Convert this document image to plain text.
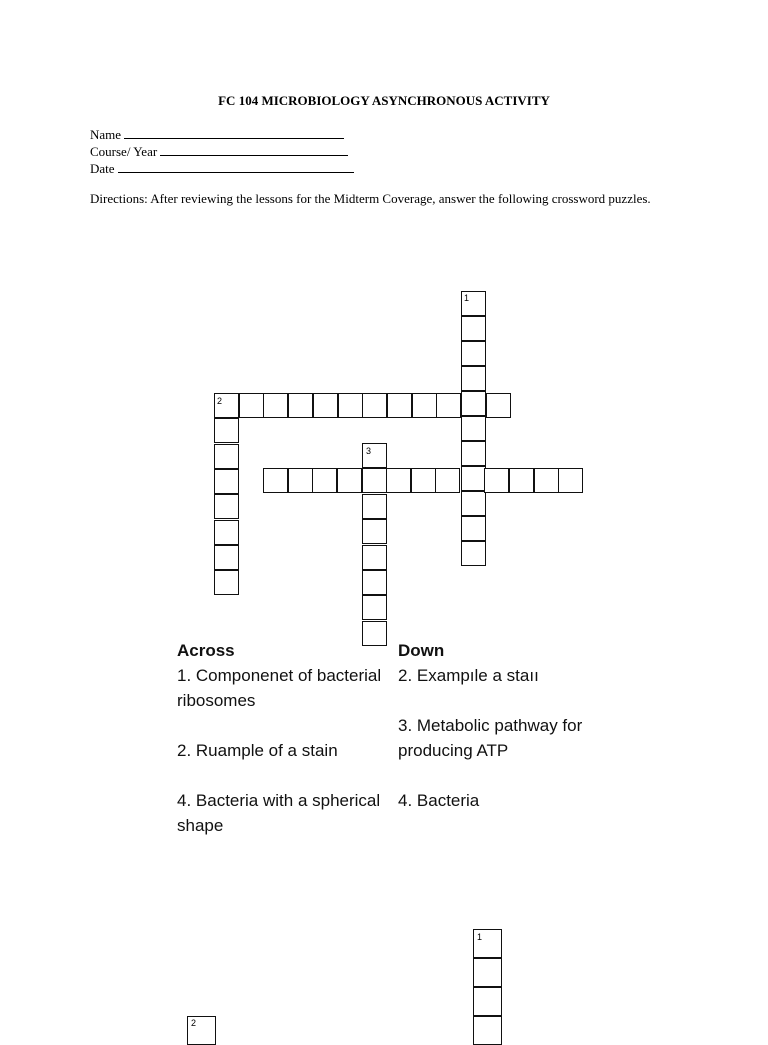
FC 104 MICROBIOLOGY ASYNCHRONOUS ACTIVITY
Name
Course/ Year
Date
Directions: After reviewing the lessons for the Midterm Coverage, answer the following crossword puzzles.
1
2
3
Across

1. Componenet of bacterial ribosomes

2. Ruample of a stain

4. Bacteria with a spherical shape

Down

2. Exampıle a staıı

3. Metabolic pathway for producing ATP

4. Bacteria

1
2
